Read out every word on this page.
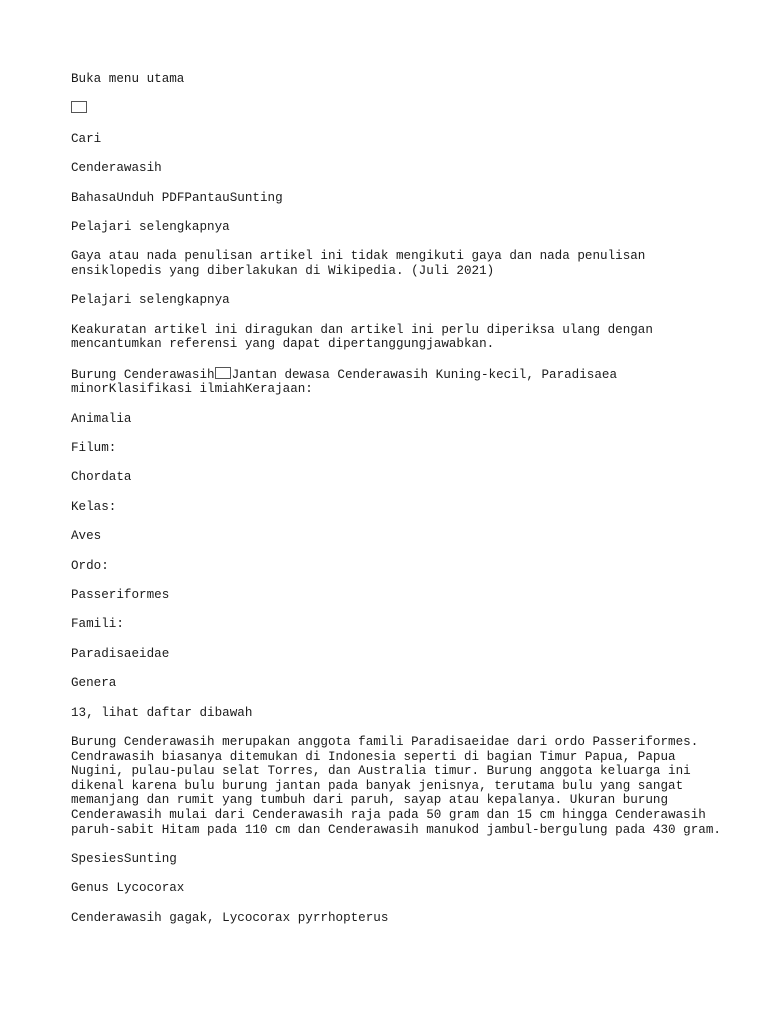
Buka menu utama

Cari

Cenderawasih

BahasaUnduh PDFPantauSunting

Pelajari selengkapnya

Gaya atau nada penulisan artikel ini tidak mengikuti gaya dan nada penulisan ensiklopedis yang diberlakukan di Wikipedia. (Juli 2021)

Pelajari selengkapnya

Keakuratan artikel ini diragukan dan artikel ini perlu diperiksa ulang dengan mencantumkan referensi yang dapat dipertanggungjawabkan.

Burung Cenderawasih Jantan dewasa Cenderawasih Kuning-kecil, Paradisaea minorKlasifikasi ilmiahKerajaan:

Animalia

Filum:

Chordata

Kelas:

Aves

Ordo:

Passeriformes

Famili:

Paradisaeidae

Genera

13, lihat daftar dibawah

Burung Cenderawasih merupakan anggota famili Paradisaeidae dari ordo Passeriformes. Cendrawasih biasanya ditemukan di Indonesia seperti di bagian Timur Papua, Papua Nugini, pulau-pulau selat Torres, dan Australia timur. Burung anggota keluarga ini dikenal karena bulu burung jantan pada banyak jenisnya, terutama bulu yang sangat memanjang dan rumit yang tumbuh dari paruh, sayap atau kepalanya. Ukuran burung Cenderawasih mulai dari Cenderawasih raja pada 50 gram dan 15 cm hingga Cenderawasih paruh-sabit Hitam pada 110 cm dan Cenderawasih manukod jambul-bergulung pada 430 gram.

SpesiesSunting

Genus Lycocorax

Cenderawasih gagak, Lycocorax pyrrhopterus
